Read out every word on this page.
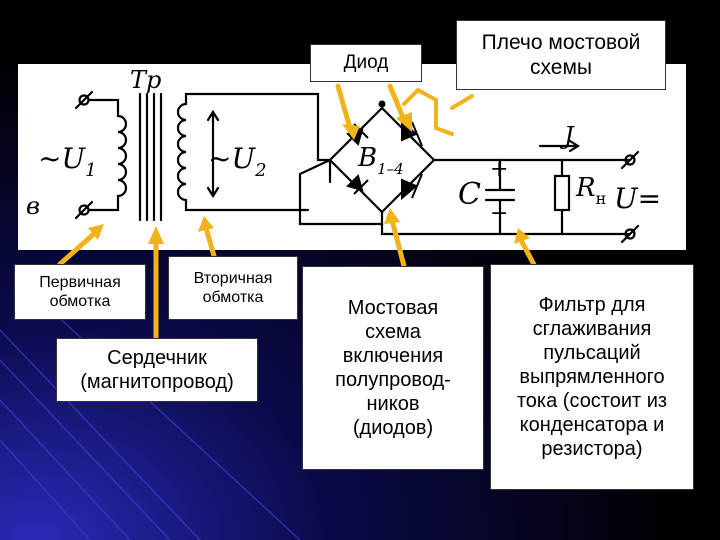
Тр
$\sim U_1$	$\sim U_2$
в
$B_{1-4}$
J
C
+
−
$R_н$ U=
Диод
Плечо мостовой
схемы
Первичная
обмотка
Вторичная
обмотка
Сердечник
(магнитопровод)
Мостовая
схема
включения
полупровод-
ников
(диодов)
Фильтр для
сглаживания
пульсаций
выпрямленного
тока (состоит из
конденсатора и
резистора)
